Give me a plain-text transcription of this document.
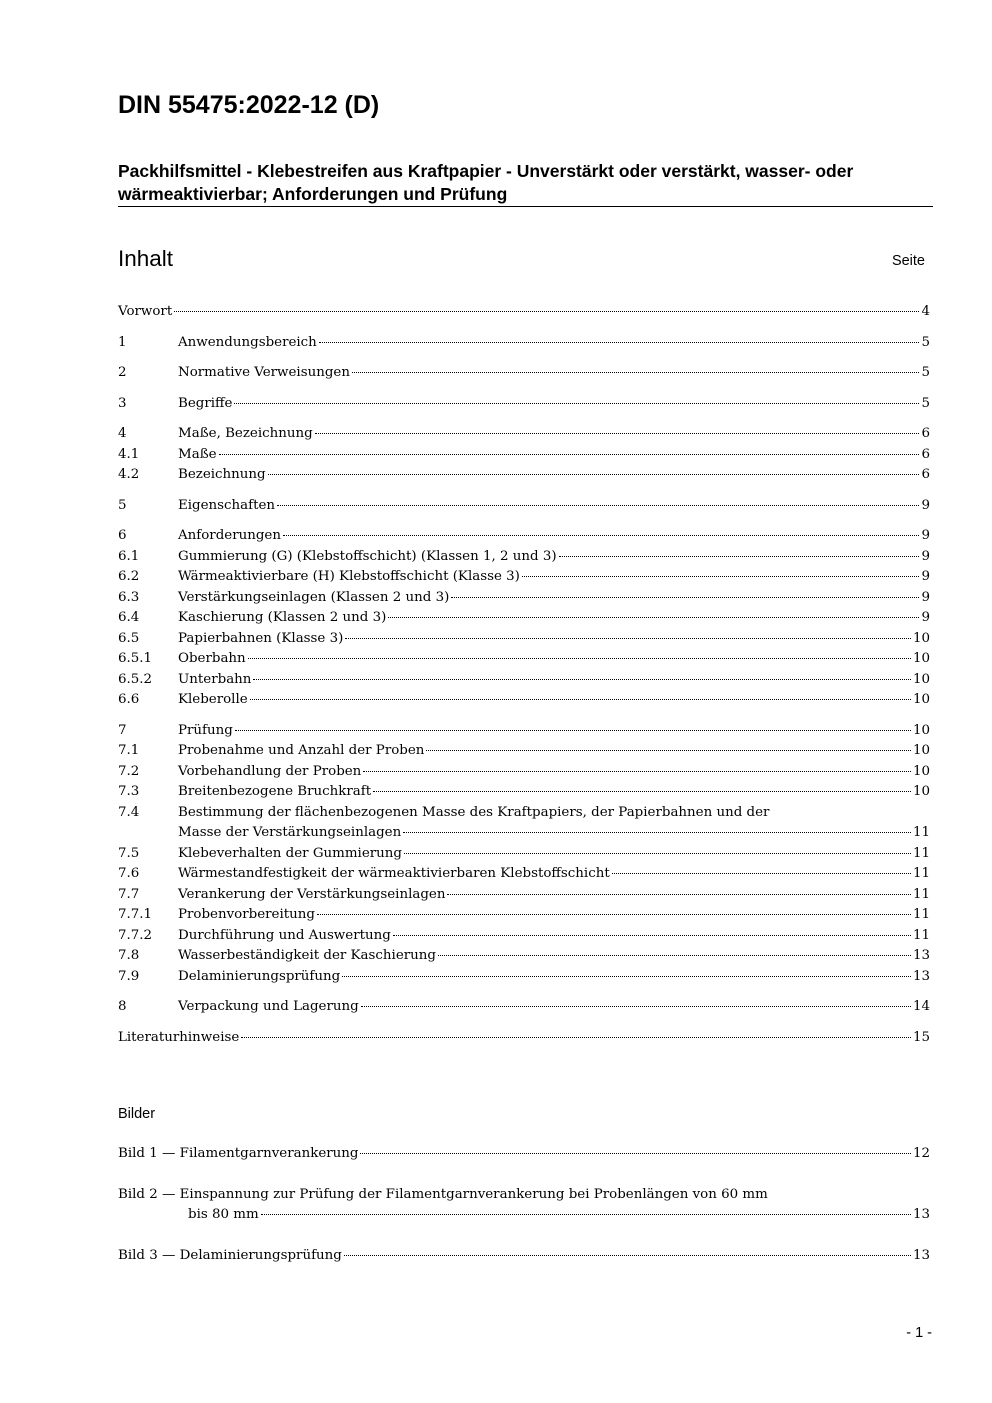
DIN 55475:2022-12 (D)
Packhilfsmittel - Klebestreifen aus Kraftpapier - Unverstärkt oder verstärkt, wasser- oder wärmeaktivierbar; Anforderungen und Prüfung
Inhalt	Seite
Vorwort	4
1	Anwendungsbereich	5
2	Normative Verweisungen	5
3	Begriffe	5
4	Maße, Bezeichnung	6
4.1	Maße	6
4.2	Bezeichnung	6
5	Eigenschaften	9
6	Anforderungen	9
6.1	Gummierung (G) (Klebstoffschicht) (Klassen 1, 2 und 3)	9
6.2	Wärmeaktivierbare (H) Klebstoffschicht (Klasse 3)	9
6.3	Verstärkungseinlagen (Klassen 2 und 3)	9
6.4	Kaschierung (Klassen 2 und 3)	9
6.5	Papierbahnen (Klasse 3)	10
6.5.1 Oberbahn	10
6.5.2 Unterbahn	10
6.6	Kleberolle	10
7	Prüfung	10
7.1	Probenahme und Anzahl der Proben	10
7.2	Vorbehandlung der Proben	10
7.3	Breitenbezogene Bruchkraft	10
7.4	Bestimmung der flächenbezogenen Masse des Kraftpapiers, der Papierbahnen und der
Masse der Verstärkungseinlagen	11
7.5	Klebeverhalten der Gummierung	11
7.6	Wärmestandfestigkeit der wärmeaktivierbaren Klebstoffschicht	11
7.7	Verankerung der Verstärkungseinlagen	11
7.7.1 Probenvorbereitung	11
7.7.2 Durchführung und Auswertung	11
7.8	Wasserbeständigkeit der Kaschierung	13
7.9	Delaminierungsprüfung	13
8	Verpackung und Lagerung	14
Literaturhinweise	15
Bilder
Bild 1 — Filamentgarnverankerung	12
Bild 2 — Einspannung zur Prüfung der Filamentgarnverankerung bei Probenlängen von 60 mm
bis 80 mm	13
Bild 3 — Delaminierungsprüfung	13
- 1 -
